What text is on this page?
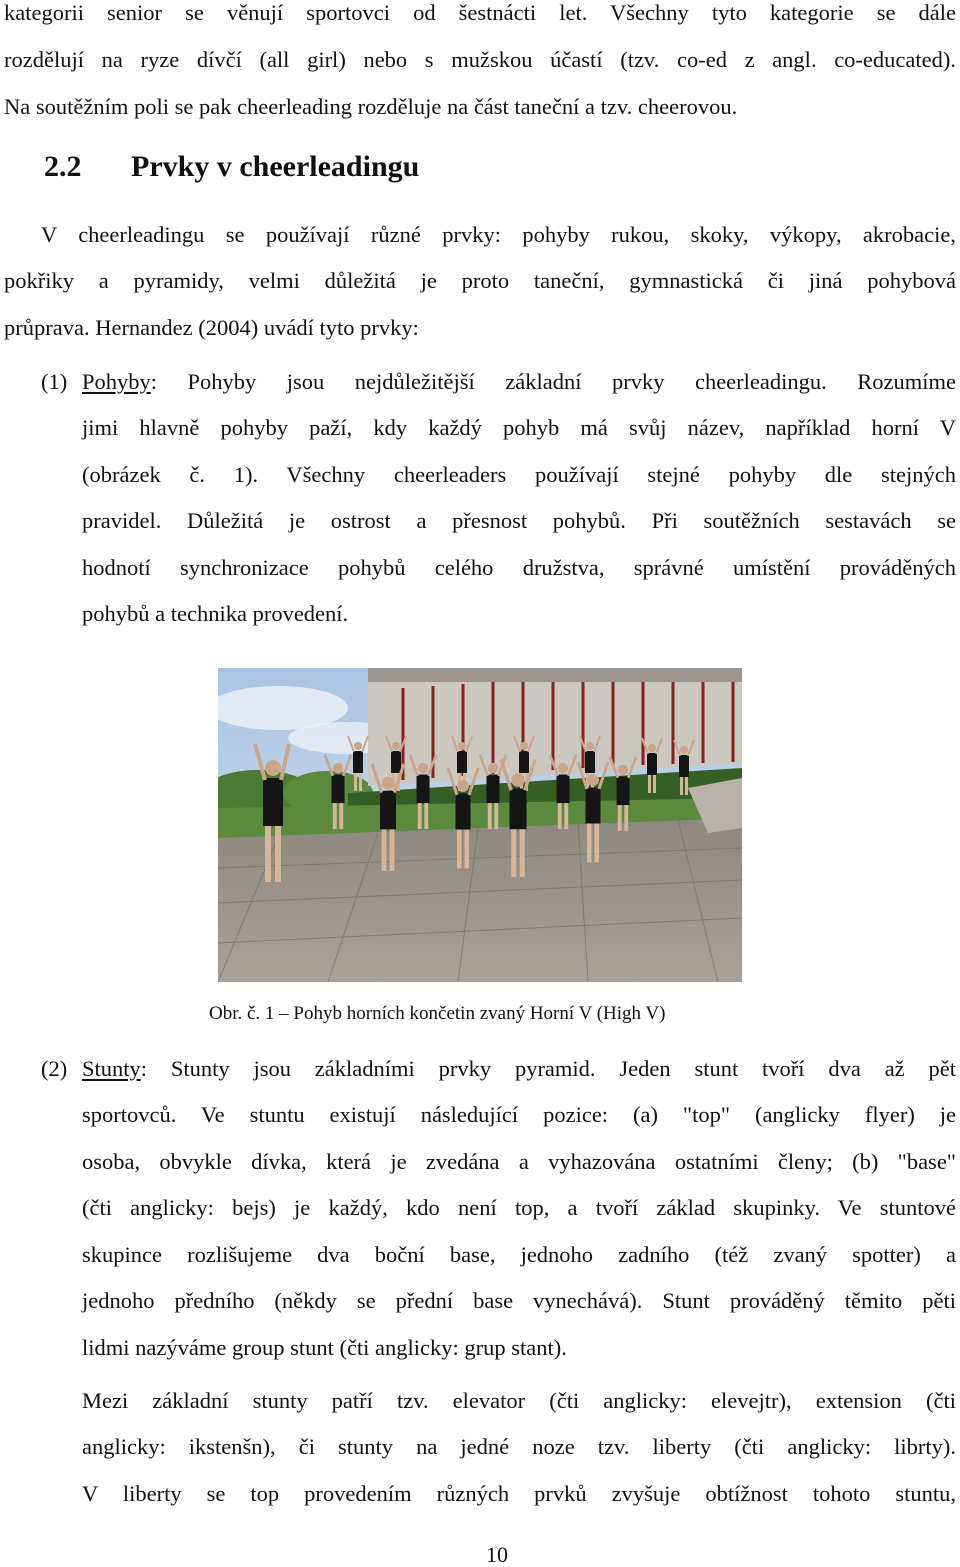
kategorii senior se věnují sportovci od šestnácti let. Všechny tyto kategorie se dále
rozdělují na ryze dívčí (all girl) nebo s mužskou účastí (tzv. co-ed z angl. co-educated).
Na soutěžním poli se pak cheerleading rozděluje na část taneční a tzv. cheerovou.
2.2 Prvky v cheerleadingu
V cheerleadingu se používají různé prvky: pohyby rukou, skoky, výkopy, akrobacie,
pokřiky a pyramidy, velmi důležitá je proto taneční, gymnastická či jiná pohybová
průprava. Hernandez (2004) uvádí tyto prvky:
(1) Pohyby : Pohyby jsou nejdůležitější základní prvky cheerleadingu. Rozumíme
jimi hlavně pohyby paží, kdy každý pohyb má svůj název, například horní V
(obrázek č. 1). Všechny cheerleaders používají stejné pohyby dle stejných
pravidel. Důležitá je ostrost a přesnost pohybů. Při soutěžních sestavách se
hodnotí synchronizace pohybů celého družstva, správné umístění prováděných
pohybů a technika provedení.
Obr. č. 1 – Pohyb horních končetin zvaný Horní V (High V)
(2) Stunty : Stunty jsou základními prvky pyramid. Jeden stunt tvoří dva až pět
sportovců. Ve stuntu existují následující pozice: (a) "top" (anglicky flyer) je
osoba, obvykle dívka, která je zvedána a vyhazována ostatními členy; (b) "base"
(čti anglicky: bejs) je každý, kdo není top, a tvoří základ skupinky. Ve stuntové
skupince rozlišujeme dva boční base, jednoho zadního (též zvaný spotter) a
jednoho předního (někdy se přední base vynechává). Stunt prováděný těmito pěti
lidmi nazýváme group stunt (čti anglicky: grup stant).
Mezi základní stunty patří tzv. elevator (čti anglicky: elevejtr), extension (čti
anglicky: ikstenšn), či stunty na jedné noze tzv. liberty (čti anglicky: librty).
V liberty se top provedením různých prvků zvyšuje obtížnost tohoto stuntu,
10
